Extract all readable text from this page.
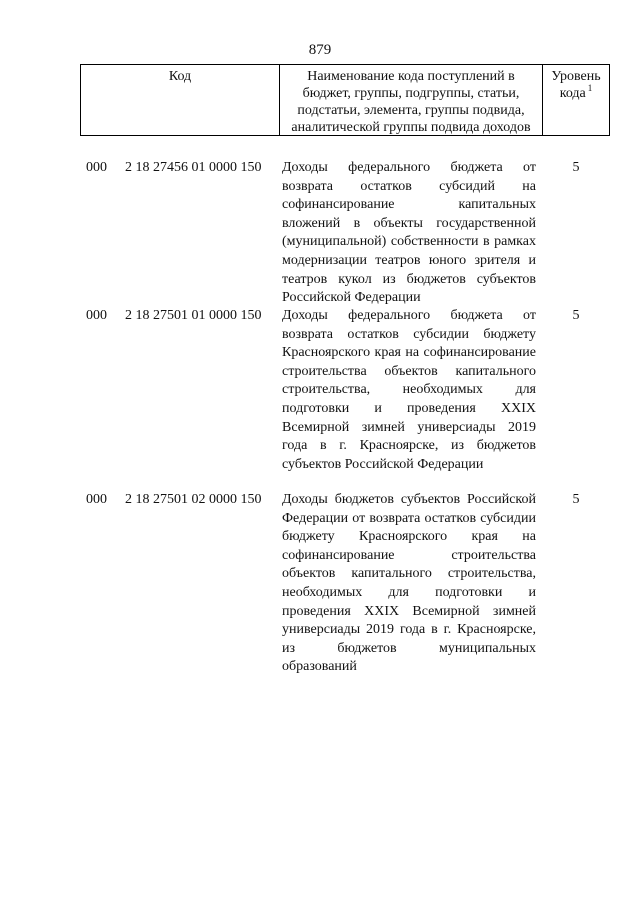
879
Код	Наименование кода поступлений в бюджет, группы, подгруппы, статьи, подстатьи, элемента, группы подвида, аналитической группы подвида доходов
Уровень кода $^1$
000 2 18 27456 01 0000 150 Доходы федерального бюджета от возврата остатков субсидий на софинансирование капитальных вложений в объекты государственной (муниципальной) собственности в рамках модернизации театров юного зрителя и театров кукол из бюджетов субъектов Российской Федерации
5
000 2 18 27501 01 0000 150 Доходы федерального бюджета от возврата остатков субсидии бюджету Красноярского края на софинансирование строительства объектов капитального строительства, необходимых для подготовки и проведения XXIX Всемирной зимней универсиады 2019 года в г. Красноярске, из бюджетов субъектов Российской Федерации
5
000 2 18 27501 02 0000 150 Доходы бюджетов субъектов Российской Федерации от возврата остатков субсидии бюджету Красноярского края на софинансирование строительства объектов капитального строительства, необходимых для подготовки и проведения XXIX Всемирной зимней универсиады 2019 года в г. Красноярске, из бюджетов муниципальных образований
5
